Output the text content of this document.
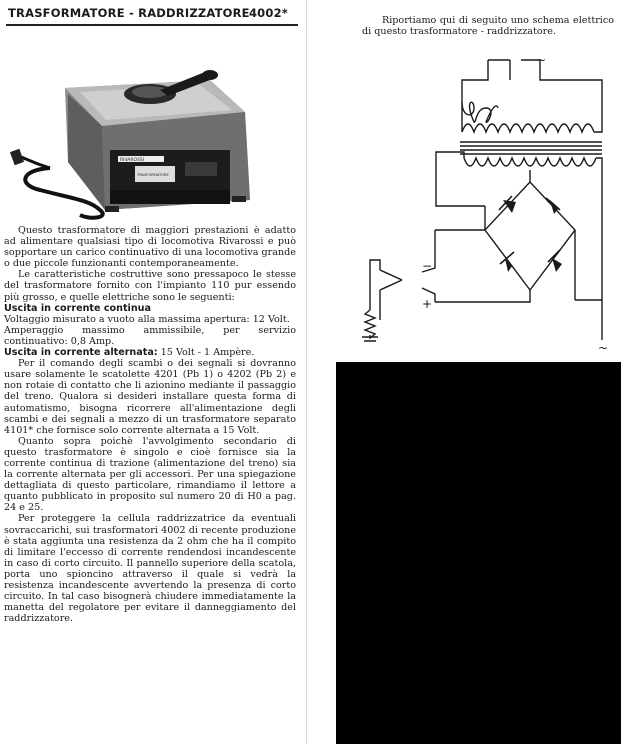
TRASFORMATORE - RADDRIZZATORE 4002*
RIVAROSSI
TRASFORMATORE

Questo trasformatore di maggiori prestazioni è adatto ad alimentare qualsiasi tipo di locomotiva Rivarossi e può sopportare un carico continuativo di una locomotiva grande o due piccole funzionanti contemporaneamente.

Le caratteristiche costruttive sono pressapoco le stesse del trasformatore fornito con l'impianto 110 pur essendo più grosso, e quelle elettriche sono le seguenti:

Uscita in corrente continua

Voltaggio misurato a vuoto alla massima apertura: 12 Volt.

Amperaggio massimo ammissibile, per servizio continuativo: 0,8 Amp.

Uscita in corrente alternata: 15 Volt - 1 Ampère.

Per il comando degli scambi o dei segnali si dovranno usare solamente le scatolette 4201 (Pb 1) o 4202 (Pb 2) e non rotaie di contatto che li azionino mediante il passaggio del treno. Qualora si desideri installare questa forma di automatismo, bisogna ricorrere all'alimentazione degli scambi e dei segnali a mezzo di un trasformatore separato 4101* che fornisce solo corrente alternata a 15 Volt.

Quanto sopra poichè l'avvolgimento secondario di questo trasformatore è singolo e cioè fornisce sia la corrente continua di trazione (alimentazione del treno) sia la corrente alternata per gli accessori. Per una spiegazione dettagliata di questo particolare, rimandiamo il lettore a quanto pubblicato in proposito sul numero 20 di H0 a pag. 24 e 25.

Per proteggere la cellula raddrizzatrice da eventuali sovraccarichi, sui trasformatori 4002 di recente produzione è stata aggiunta una resistenza da 2 ohm che ha il compito di limitare l'eccesso di corrente rendendosi incandescente in caso di corto circuito. Il pannello superiore della scatola, porta uno spioncino attraverso il quale si vedrà la resistenza incandescente avvertendo la presenza di corto circuito. In tal caso bisognerà chiudere immediatamente la manetta del regolatore per evitare il danneggiamento del raddrizzatore.

Riportiamo qui di seguito uno schema elettrico di questo trasformatore - raddrizzatore.
~
~
−
+
